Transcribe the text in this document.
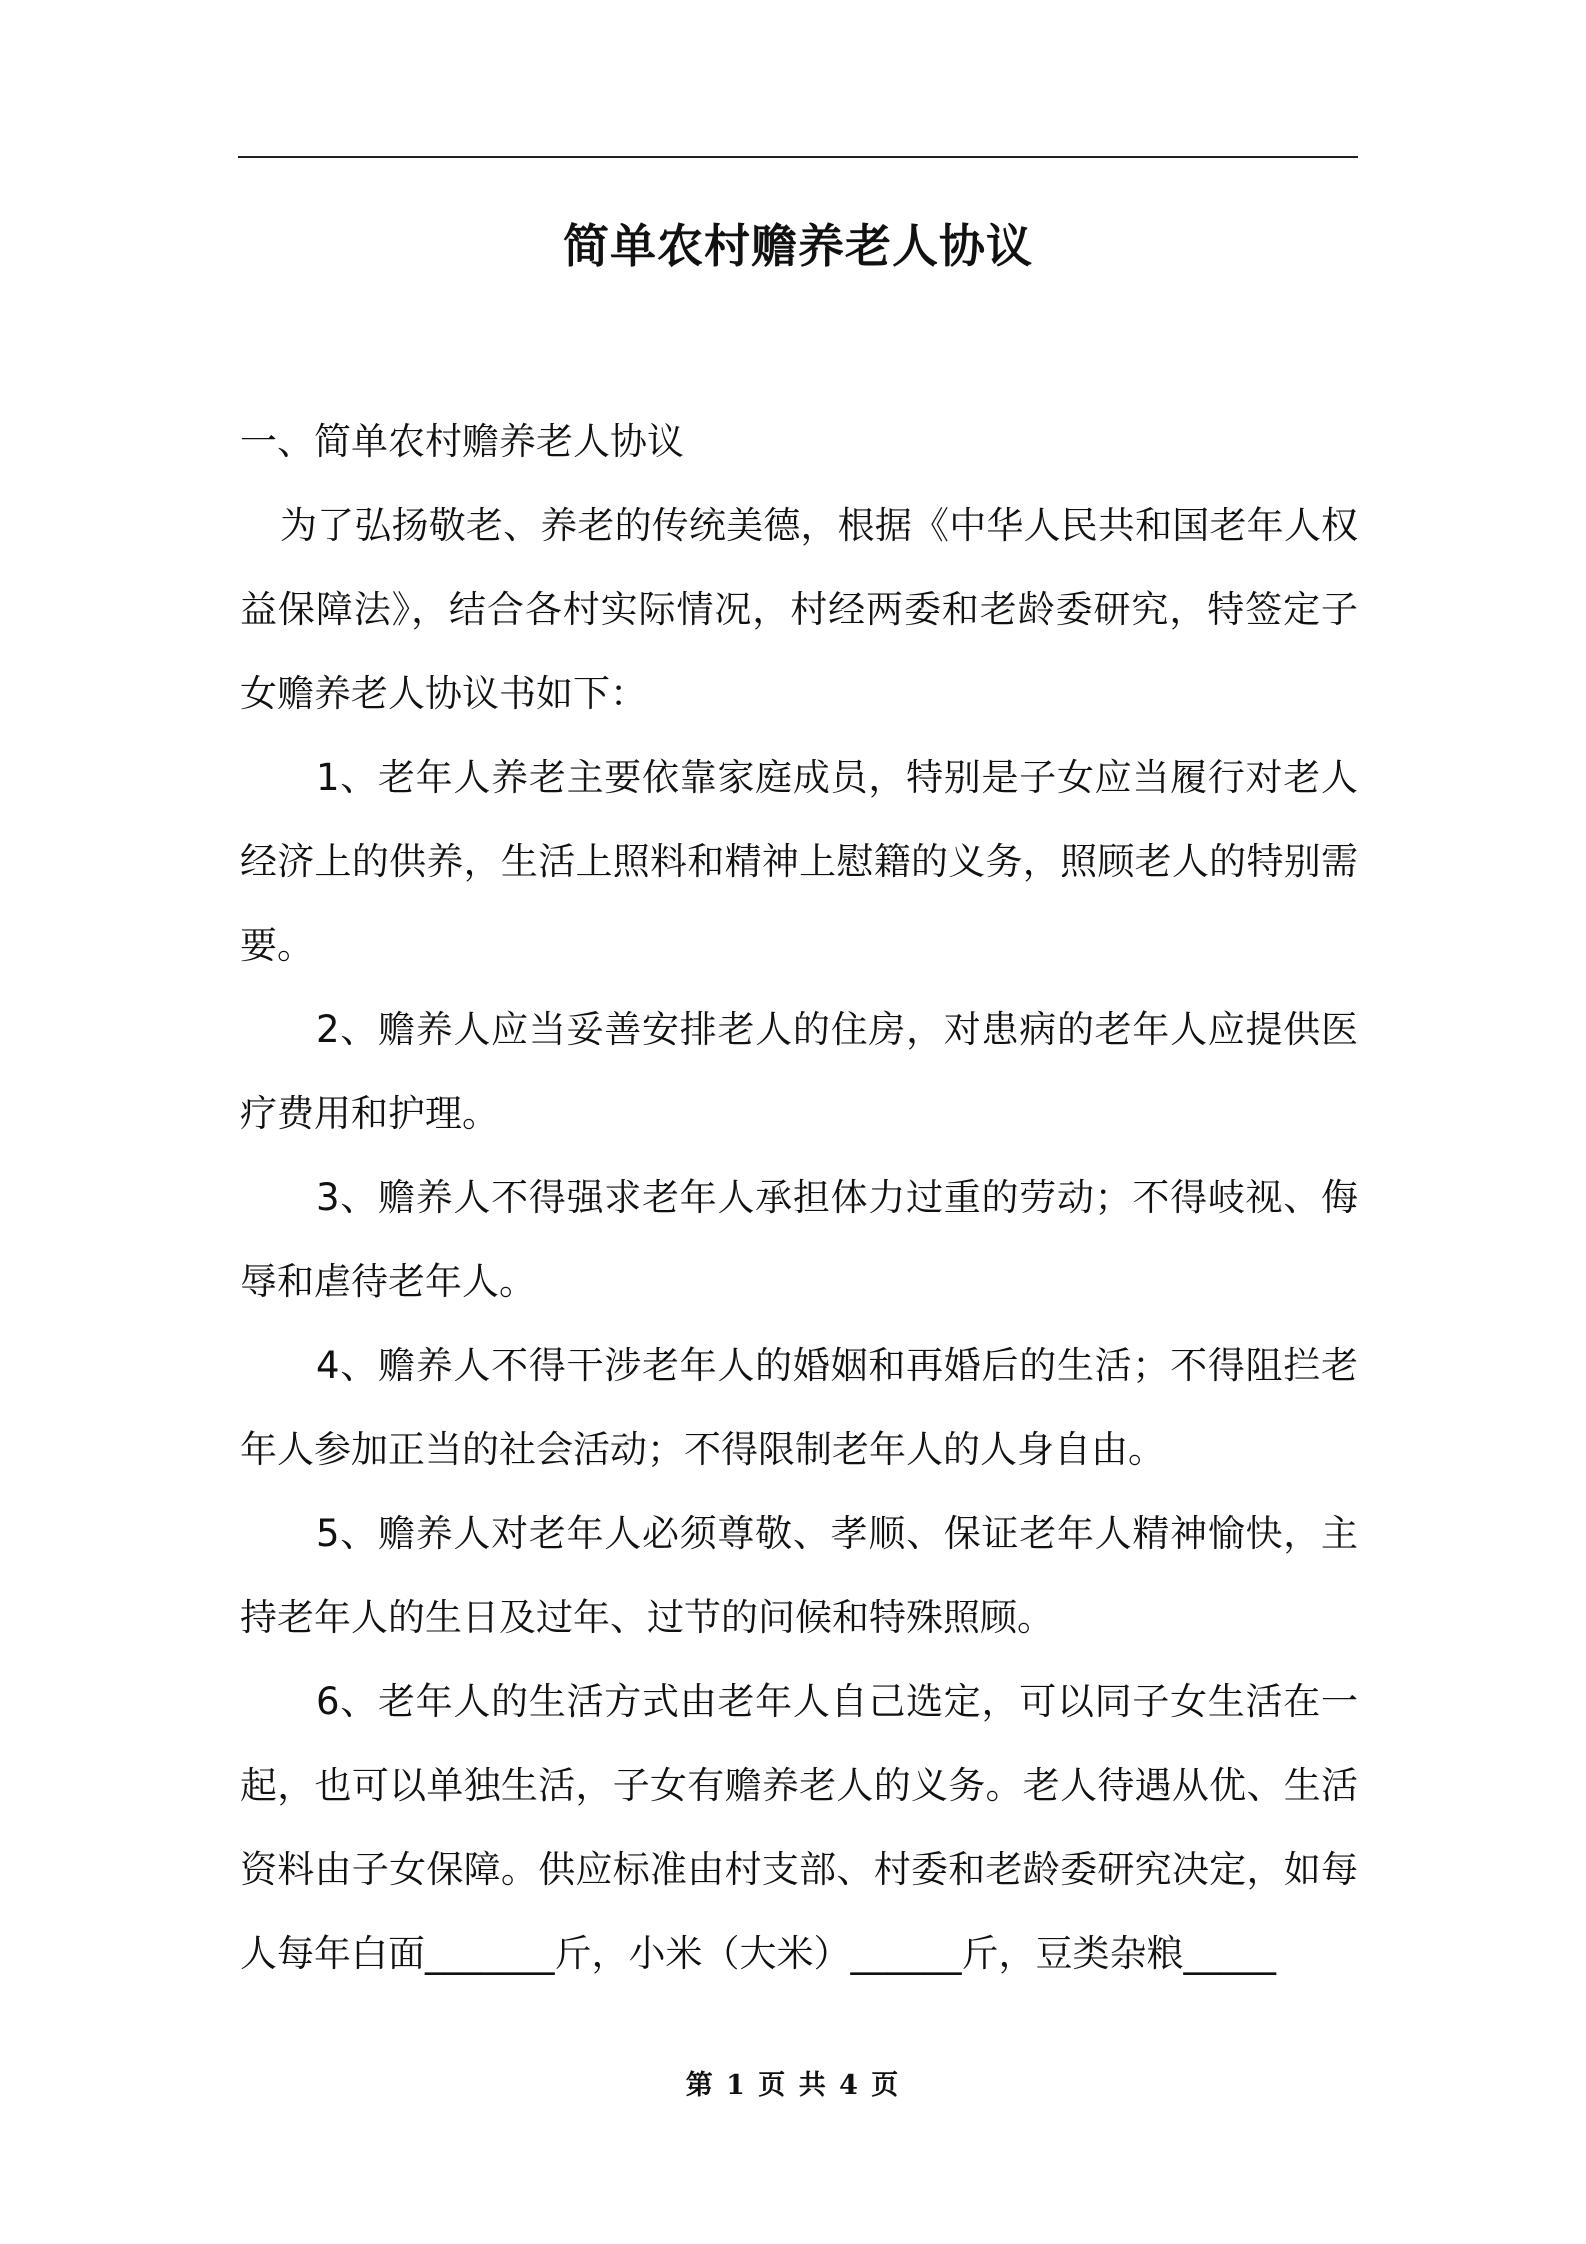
简单农村赡养老人协议

一、简单农村赡养老人协议

为了弘扬敬老、养老的传统美德，根据《中华人民共和国老年人权益保障法》，结合各村实际情况，村经两委和老龄委研究，特签定子女赡养老人协议书如下：

1、老年人养老主要依靠家庭成员，特别是子女应当履行对老人经济上的供养，生活上照料和精神上慰籍的义务，照顾老人的特别需要。

2、赡养人应当妥善安排老人的住房，对患病的老年人应提供医疗费用和护理。

3、赡养人不得强求老年人承担体力过重的劳动；不得岐视、侮辱和虐待老年人。

4、赡养人不得干涉老年人的婚姻和再婚后的生活；不得阻拦老年人参加正当的社会活动；不得限制老年人的人身自由。

5、赡养人对老年人必须尊敬、孝顺、保证老年人精神愉快，主持老年人的生日及过年、过节的问候和特殊照顾。

6、老年人的生活方式由老年人自己选定，可以同子女生活在一起，也可以单独生活，子女有赡养老人的义务。老人待遇从优、生活资料由子女保障。供应标准由村支部、村委和老龄委研究决定，如每人每年白面_______斤，小米（大米）______斤，豆类杂粮_____

第 1 页 共 4 页
